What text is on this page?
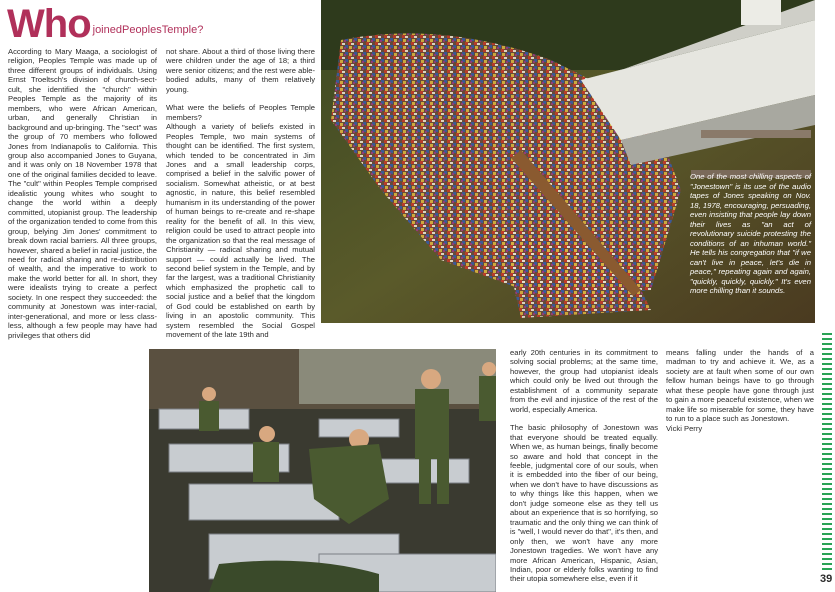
Who $^{joinedPeoplesTemple?}$

According to Mary Maaga, a sociologist of religion, Peoples Temple was made up of three different groups of individuals. Using Ernst Troeltsch's division of church-sect-cult, she identified the "church" within Peoples Temple as the majority of its members, who were African American, urban, and generally Christian in background and up-bringing. The "sect" was the group of 70 members who followed Jones from Indianapolis to California. This group also accompanied Jones to Guyana, and it was only on 18 November 1978 that one of the original families decided to leave. The "cult" within Peoples Temple comprised idealistic young whites who sought to change the world within a deeply committed, utopianist group. The leadership of the organization tended to come from this group, belying Jim Jones' commitment to break down racial barriers. All three groups, however, shared a belief in racial justice, the need for radical sharing and re-distribution of wealth, and the imperative to work to make the world better for all. In short, they were idealists trying to create a perfect society. In one respect they succeeded: the community at Jonestown was inter-racial, inter-generational, and more or less class-less, although a few people may have had privileges that others did

not share. About a third of those living there were children under the age of 18; a third were senior citizens; and the rest were able-bodied adults, many of them relatively young.

What were the beliefs of Peoples Temple members?

Although a variety of beliefs existed in Peoples Temple, two main systems of thought can be identified. The first system, which tended to be concentrated in Jim Jones and a small leadership corps, comprised a belief in the salvific power of socialism. Somewhat atheistic, or at best agnostic, in nature, this belief resembled humanism in its understanding of the power of human beings to re-create and re-shape reality for the benefit of all. In this view, religion could be used to attract people into the organization so that the real message of Christianity — radical sharing and mutual support — could actually be lived. The second belief system in the Temple, and by far the largest, was a traditional Christianity which emphasized the prophetic call to social justice and a belief that the kingdom of God could be established on earth by living in an apostolic community. This system resembled the Social Gospel movement of the late 19th and

One of the most chilling aspects of "Jonestown" is its use of the audio tapes of Jones speaking on Nov. 18, 1978, encouraging, persuading, even insisting that people lay down their lives as "an act of revolutionary suicide protesting the conditions of an inhuman world." He tells his congregation that "if we can't live in peace, let's die in peace," repeating again and again, "quickly, quickly, quickly." It's even more chilling than it sounds.

early 20th centuries in its commitment to solving social problems; at the same time, however, the group had utopianist ideals which could only be lived out through the establishment of a community separate from the evil and injustice of the rest of the world, especially America.

The basic philosophy of Jonestown was that everyone should be treated equally. When we, as human beings, finally become so aware and hold that concept in the feeble, judgmental core of our souls, when it is embedded into the fiber of our being, when we don't have to have discussions as to why things like this happen, when we don't judge someone else as they tell us about an experience that is so horrifying, so traumatic and the only thing we can think of is "well, I would never do that", it's then, and only then, we won't have any more Jonestown tragedies. We won't have any more African American, Hispanic, Asian, Indian, poor or elderly folks wanting to find their utopia somewhere else, even if it

means falling under the hands of a madman to try and achieve it. We, as a society are at fault when some of our own fellow human beings have to go through what these people have gone through just to gain a more peaceful existence, when we make life so miserable for some, they have to run to a place such as Jonestown.

Vicki Perry

39
